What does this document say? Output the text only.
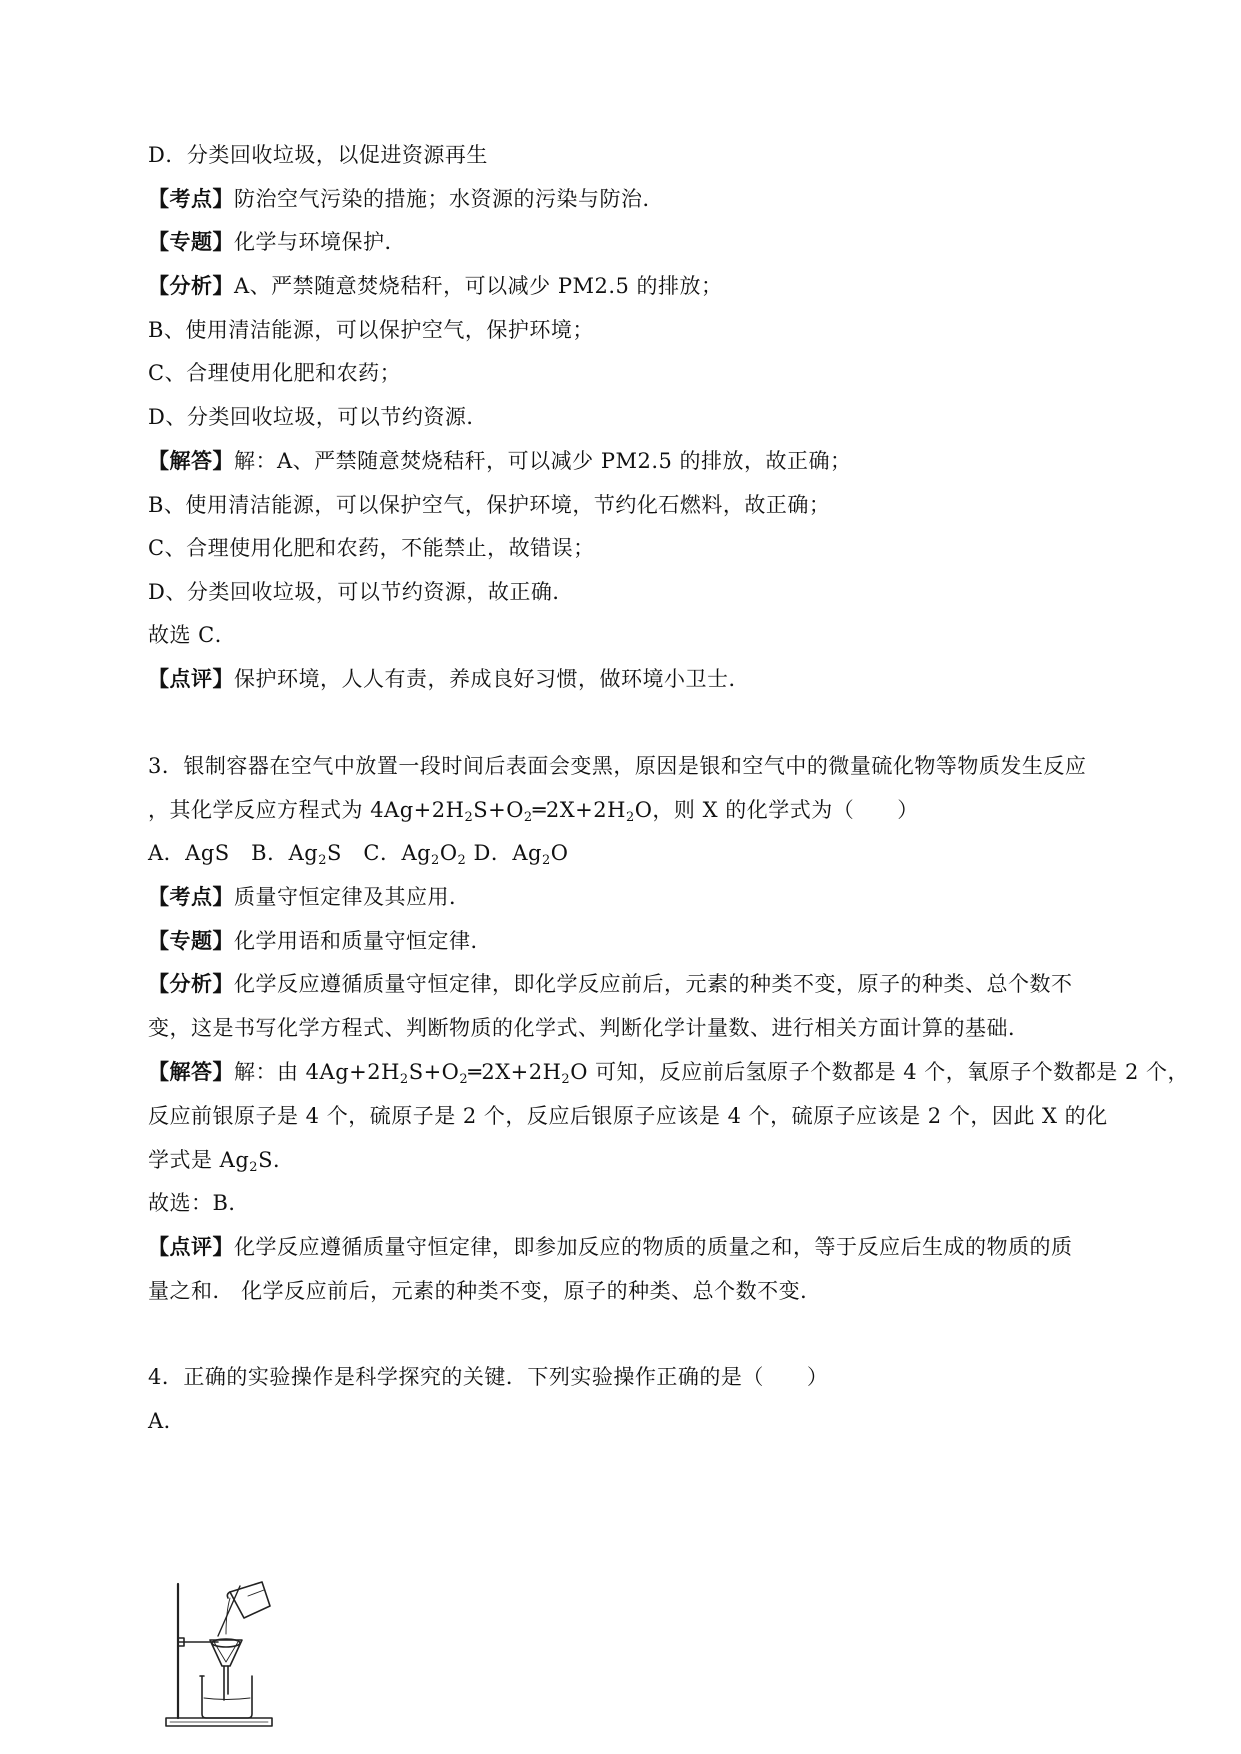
D．分类回收垃圾，以促进资源再生
【考点】防治空气污染的措施；水资源的污染与防治．
【专题】化学与环境保护．
【分析】A、严禁随意焚烧秸秆，可以减少 PM2.5 的排放；
B、使用清洁能源，可以保护空气，保护环境；
C、合理使用化肥和农药；
D、分类回收垃圾，可以节约资源．
【解答】解：A、严禁随意焚烧秸秆，可以减少 PM2.5 的排放，故正确；
B、使用清洁能源，可以保护空气，保护环境，节约化石燃料，故正确；
C、合理使用化肥和农药，不能禁止，故错误；
D、分类回收垃圾，可以节约资源，故正确．
故选 C．
【点评】保护环境，人人有责，养成良好习惯，做环境小卫士．
3．银制容器在空气中放置一段时间后表面会变黑，原因是银和空气中的微量硫化物等物质发生反应
，其化学反应方程式为 $4Ag+2H_2S+O_2═2X+2H_2O$，则 X 的化学式为（　　）
A．AgS　B．$Ag_2S$　C．$Ag_2O_2$ D．$Ag_2O$
【考点】质量守恒定律及其应用．
【专题】化学用语和质量守恒定律．
【分析】化学反应遵循质量守恒定律，即化学反应前后，元素的种类不变，原子的种类、总个数不
变，这是书写化学方程式、判断物质的化学式、判断化学计量数、进行相关方面计算的基础．
【解答】解：由 $4Ag+2H_2S+O_2═2X+2H_2O$ 可知，反应前后氢原子个数都是 4 个，氧原子个数都是 2 个，
反应前银原子是 4 个，硫原子是 2 个，反应后银原子应该是 4 个，硫原子应该是 2 个，因此 X 的化
学式是 $Ag_2S$．
故选：B．
【点评】化学反应遵循质量守恒定律，即参加反应的物质的质量之和，等于反应后生成的物质的质
量之和． 化学反应前后，元素的种类不变，原子的种类、总个数不变．
4．正确的实验操作是科学探究的关键．下列实验操作正确的是（　　）
A．
